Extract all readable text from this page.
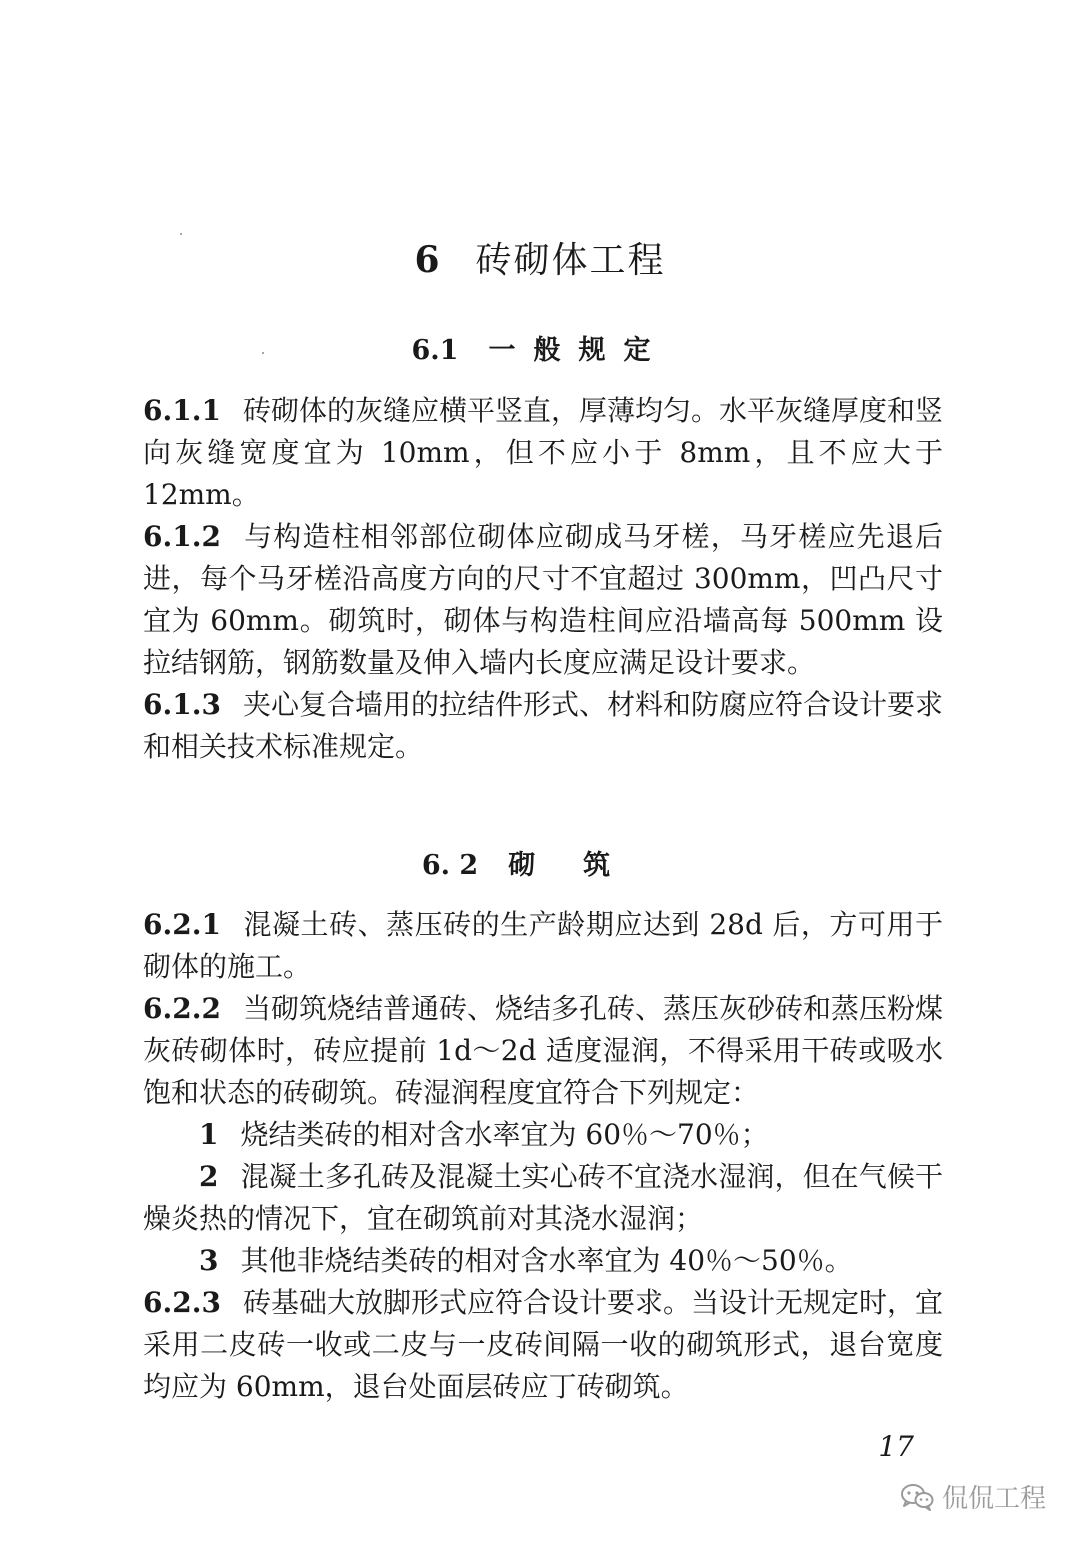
6 砖砌体工程
6.1 一般规定

6.1.1 砖砌体的灰缝应横平竖直，厚薄均匀。水平灰缝厚度和竖向灰缝宽度宜为 10mm，但不应小于 8mm，且不应大于 12mm。

6.1.2 与构造柱相邻部位砌体应砌成马牙槎，马牙槎应先退后进，每个马牙槎沿高度方向的尺寸不宜超过 300mm，凹凸尺寸宜为 60mm。砌筑时，砌体与构造柱间应沿墙高每 500mm 设拉结钢筋，钢筋数量及伸入墙内长度应满足设计要求。

6.1.3 夹心复合墙用的拉结件形式、材料和防腐应符合设计要求和相关技术标准规定。

6. 2 砌筑

6.2.1 混凝土砖、蒸压砖的生产龄期应达到 28d 后，方可用于砌体的施工。

6.2.2 当砌筑烧结普通砖、烧结多孔砖、蒸压灰砂砖和蒸压粉煤灰砖砌体时，砖应提前 1d～2d 适度湿润，不得采用干砖或吸水饱和状态的砖砌筑。砖湿润程度宜符合下列规定：

1 烧结类砖的相对含水率宜为 60％～70％；

2 混凝土多孔砖及混凝土实心砖不宜浇水湿润，但在气候干燥炎热的情况下，宜在砌筑前对其浇水湿润；

3 其他非烧结类砖的相对含水率宜为 40％～50％。

6.2.3 砖基础大放脚形式应符合设计要求。当设计无规定时，宜采用二皮砖一收或二皮与一皮砖间隔一收的砌筑形式，退台宽度均应为 60mm，退台处面层砖应丁砖砌筑。

17
侃侃工程
